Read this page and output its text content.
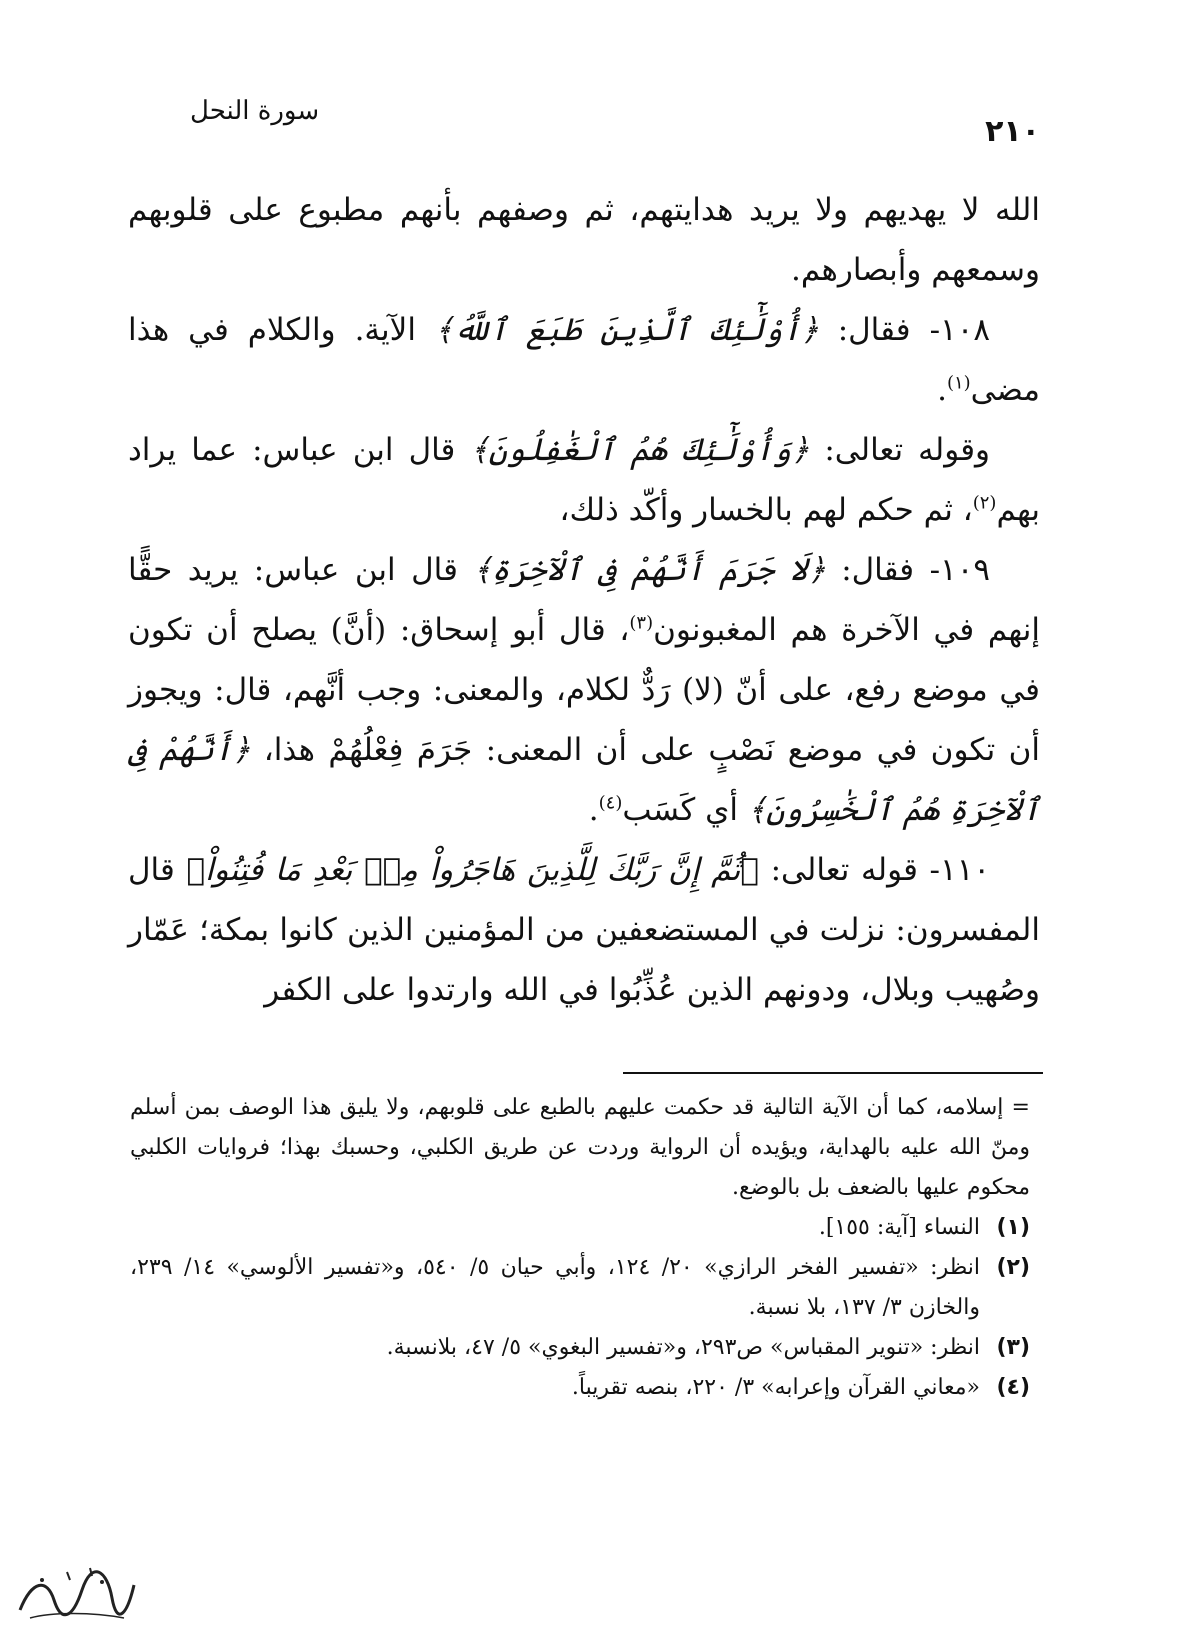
٢١٠
سورة النحل

الله لا يهديهم ولا يريد هدايتهم، ثم وصفهم بأنهم مطبوع على قلوبهم وسمعهم وأبصارهم.

١٠٨- فقال: ﴿أُوْلَٰٓئِكَ ٱلَّذِينَ طَبَعَ ٱللَّهُ﴾ الآية. والكلام في هذا مضى$^{(١)}$.

وقوله تعالى: ﴿وَأُوْلَٰٓئِكَ هُمُ ٱلْغَٰفِلُونَ﴾ قال ابن عباس: عما يراد بهم$^{(٢)}$، ثم حكم لهم بالخسار وأكّد ذلك،

١٠٩- فقال: ﴿لَا جَرَمَ أَنَّهُمْ فِى ٱلْآخِرَةِ﴾ قال ابن عباس: يريد حقًّا إنهم في الآخرة هم المغبونون$^{(٣)}$، قال أبو إسحاق: (أنَّ) يصلح أن تكون في موضع رفع، على أنّ (لا) رَدٌّ لكلام، والمعنى: وجب أنَّهم، قال: ويجوز أن تكون في موضع نَصْبٍ على أن المعنى: جَرَمَ فِعْلُهُمْ هذا، ﴿أَنَّهُمْ فِى ٱلْآخِرَةِ هُمُ ٱلْخَٰسِرُونَ﴾ أي كَسَب$^{(٤)}$.

١١٠- قوله تعالى: ﴿ثُمَّ إِنَّ رَبَّكَ لِلَّذِينَ هَاجَرُواْ مِنۢ بَعْدِ مَا فُتِنُواْ﴾ قال المفسرون: نزلت في المستضعفين من المؤمنين الذين كانوا بمكة؛ عَمّار وصُهيب وبلال، ودونهم الذين عُذِّبُوا في الله وارتدوا على الكفر

= إسلامه، كما أن الآية التالية قد حكمت عليهم بالطبع على قلوبهم، ولا يليق هذا الوصف بمن أسلم ومنّ الله عليه بالهداية، ويؤيده أن الرواية وردت عن طريق الكلبي، وحسبك بهذا؛ فروايات الكلبي محكوم عليها بالضعف بل بالوضع.

(١)
النساء [آية: ١٥٥].
(٢)
انظر: «تفسير الفخر الرازي» ٢٠/ ١٢٤، وأبي حيان ٥/ ٥٤٠، و«تفسير الألوسي» ١٤/ ٢٣٩، والخازن ٣/ ١٣٧، بلا نسبة.
(٣)
انظر: «تنوير المقباس» ص٢٩٣، و«تفسير البغوي» ٥/ ٤٧، بلانسبة.
(٤)
«معاني القرآن وإعرابه» ٣/ ٢٢٠، بنصه تقريباً.
